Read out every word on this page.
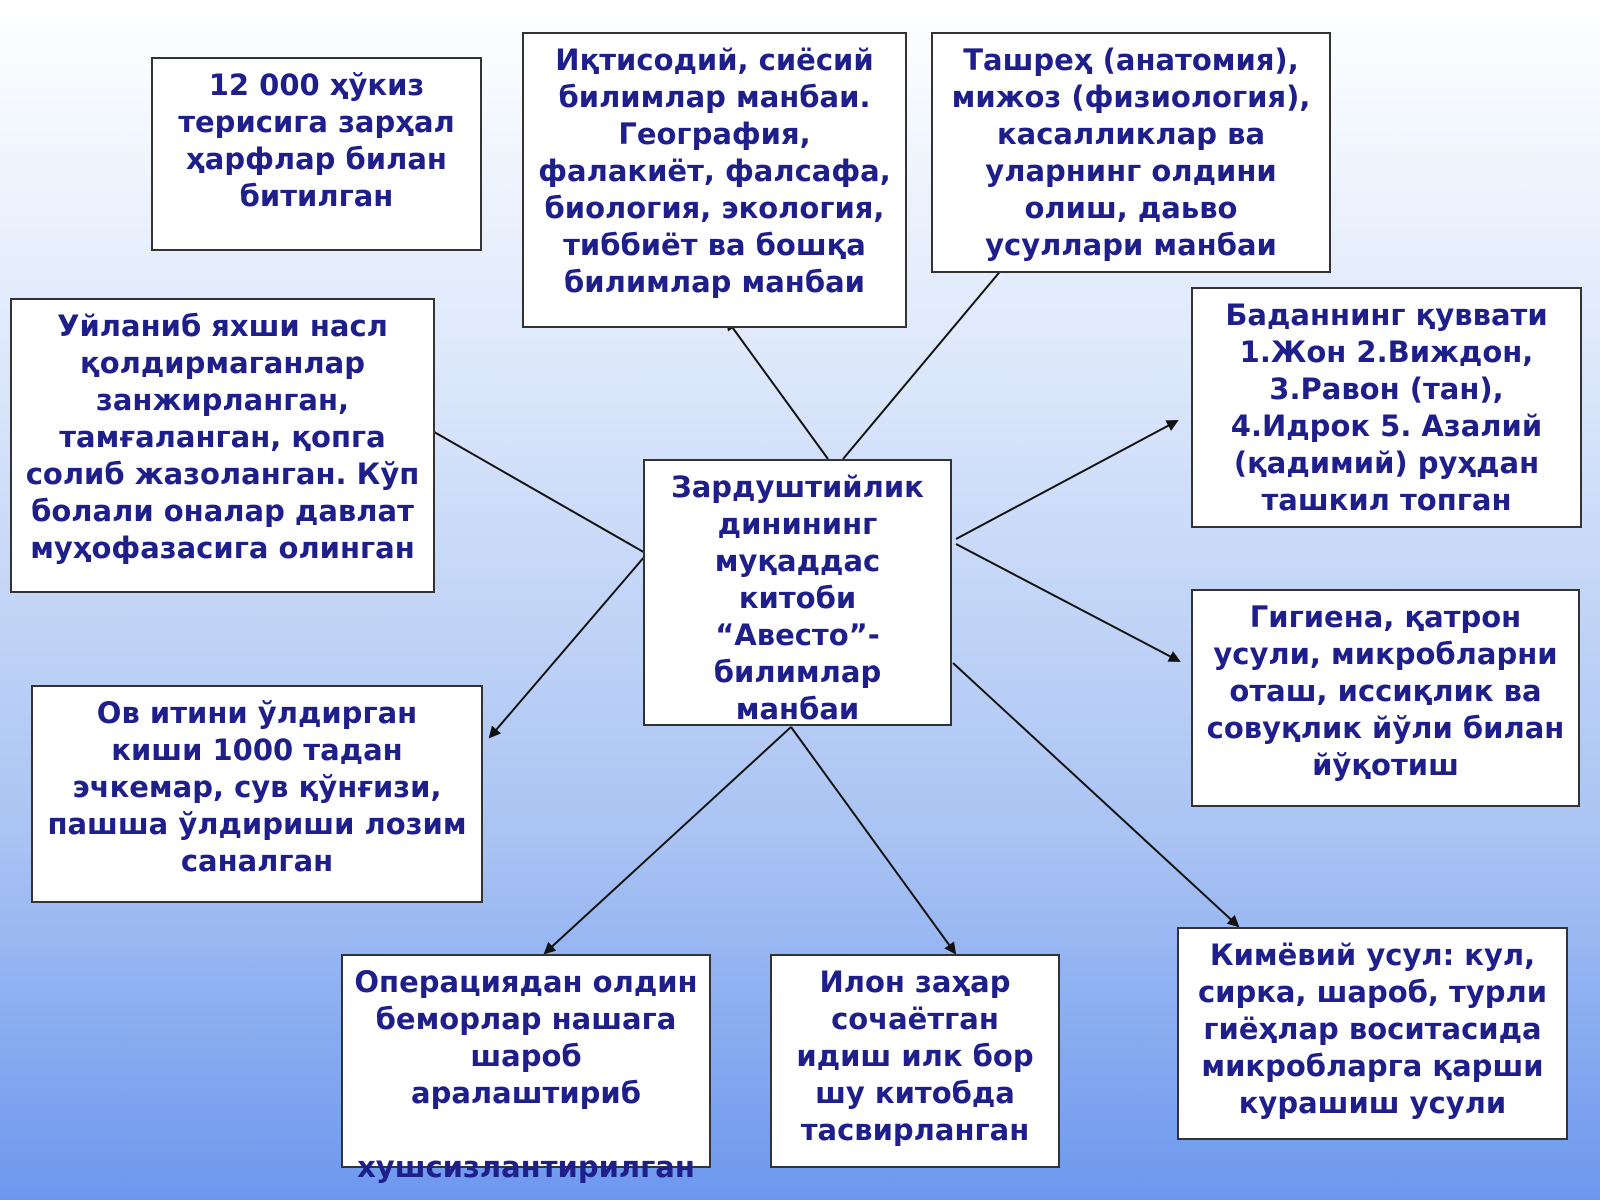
12 000 ҳўкиз
терисига зарҳал
ҳарфлар билан
битилган
Иқтисодий, сиёсий
билимлар манбаи.
География,
фалакиёт, фалсафа,
биология, экология,
тиббиёт ва бошқа
билимлар манбаи
Ташреҳ (анатомия),
мижоз (физиология),
касалликлар ва
уларнинг олдини
олиш, даьво
усуллари манбаи
Уйланиб яхши насл
қолдирмаганлар
занжирланган,
тамғаланган, қопга
солиб жазоланган. Кўп
болали оналар давлат
муҳофазасига олинган
Зардуштийлик
динининг
муқаддас
китоби “Авесто”-
билимлар
манбаи
Баданнинг қуввати
1.Жон 2.Виждон,
3.Равон (тан),
4.Идрок 5. Азалий
(қадимий) руҳдан
ташкил топган
Гигиена, қатрон
усули, микробларни
оташ, иссиқлик ва
совуқлик йўли билан
йўқотиш
Ов итини ўлдирган
киши 1000 тадан
эчкемар, сув қўнғизи,
пашша ўлдириши лозим
саналган
Операциядан олдин
беморлар нашага
шароб аралаштириб

хушсизлантирилган
Илон заҳар
сочаётган
идиш илк бор
шу китобда
тасвирланган
Кимёвий усул: кул,
сирка, шароб, турли
гиёҳлар воситасида
микробларга қарши
курашиш усули
